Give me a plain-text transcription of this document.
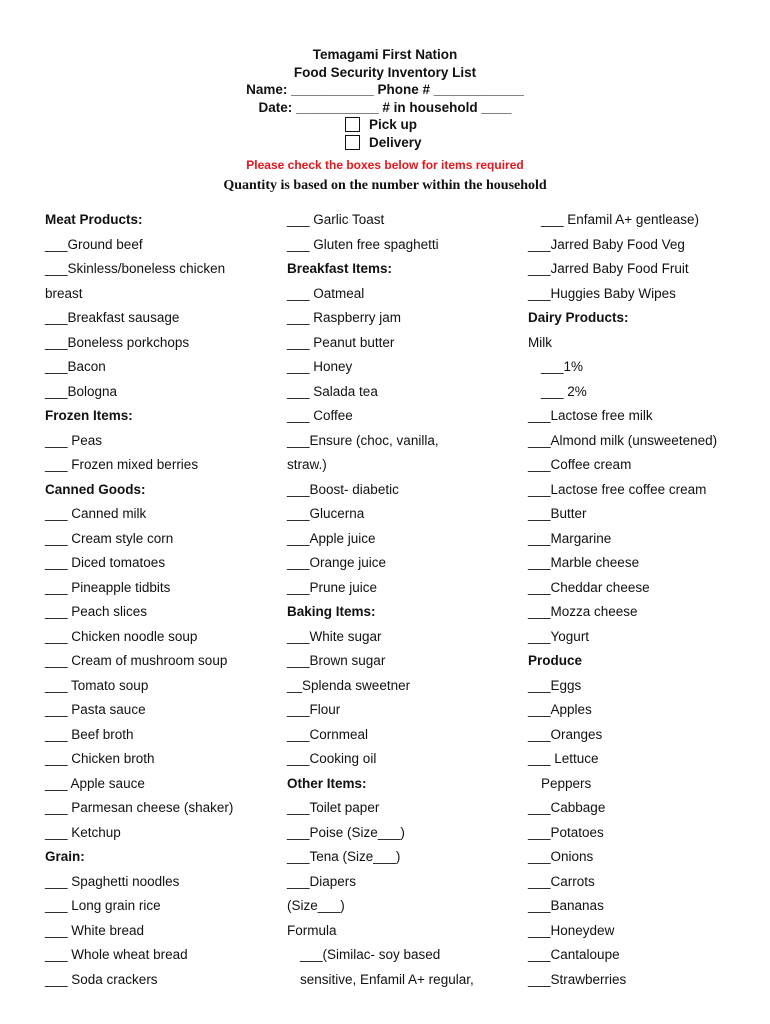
Temagami First Nation
Food Security Inventory List
Name: ___________ Phone # ____________
Date: ___________ # in household ____
Pick up
Delivery
Please check the boxes below for items required
Quantity is based on the number within the household
Meat Products:
___Ground beef
___Skinless/boneless chicken
breast
___Breakfast sausage
___Boneless porkchops
___Bacon
___Bologna
Frozen Items:
___ Peas
___ Frozen mixed berries
Canned Goods:
___ Canned milk
___ Cream style corn
___ Diced tomatoes
___ Pineapple tidbits
___ Peach slices
___ Chicken noodle soup
___ Cream of mushroom soup
___ Tomato soup
___ Pasta sauce
___ Beef broth
___ Chicken broth
___ Apple sauce
___ Parmesan cheese (shaker)
___ Ketchup
Grain:
___ Spaghetti noodles
___ Long grain rice
___ White bread
___ Whole wheat bread
___ Soda crackers
___ Garlic Toast
___ Gluten free spaghetti
Breakfast Items:
___ Oatmeal
___ Raspberry jam
___ Peanut butter
___ Honey
___ Salada tea
___ Coffee
___Ensure (choc, vanilla,
straw.)
___Boost- diabetic
___Glucerna
___Apple juice
___Orange juice
___Prune juice
Baking Items:
___White sugar
___Brown sugar
__Splenda sweetner
___Flour
___Cornmeal
___Cooking oil
Other Items:
___Toilet paper
___Poise (Size___)
___Tena (Size___)
___Diapers
(Size___)
Formula
___(Similac- soy based
sensitive, Enfamil A+ regular,
___ Enfamil A+ gentlease)
___Jarred Baby Food Veg
___Jarred Baby Food Fruit
___Huggies Baby Wipes
Dairy Products:
Milk
___1%
___ 2%
___Lactose free milk
___Almond milk (unsweetened)
___Coffee cream
___Lactose free coffee cream
___Butter
___Margarine
___Marble cheese
___Cheddar cheese
___Mozza cheese
___Yogurt
Produce
___Eggs
___Apples
___Oranges
___ Lettuce
Peppers
___Cabbage
___Potatoes
___Onions
___Carrots
___Bananas
___Honeydew
___Cantaloupe
___Strawberries
